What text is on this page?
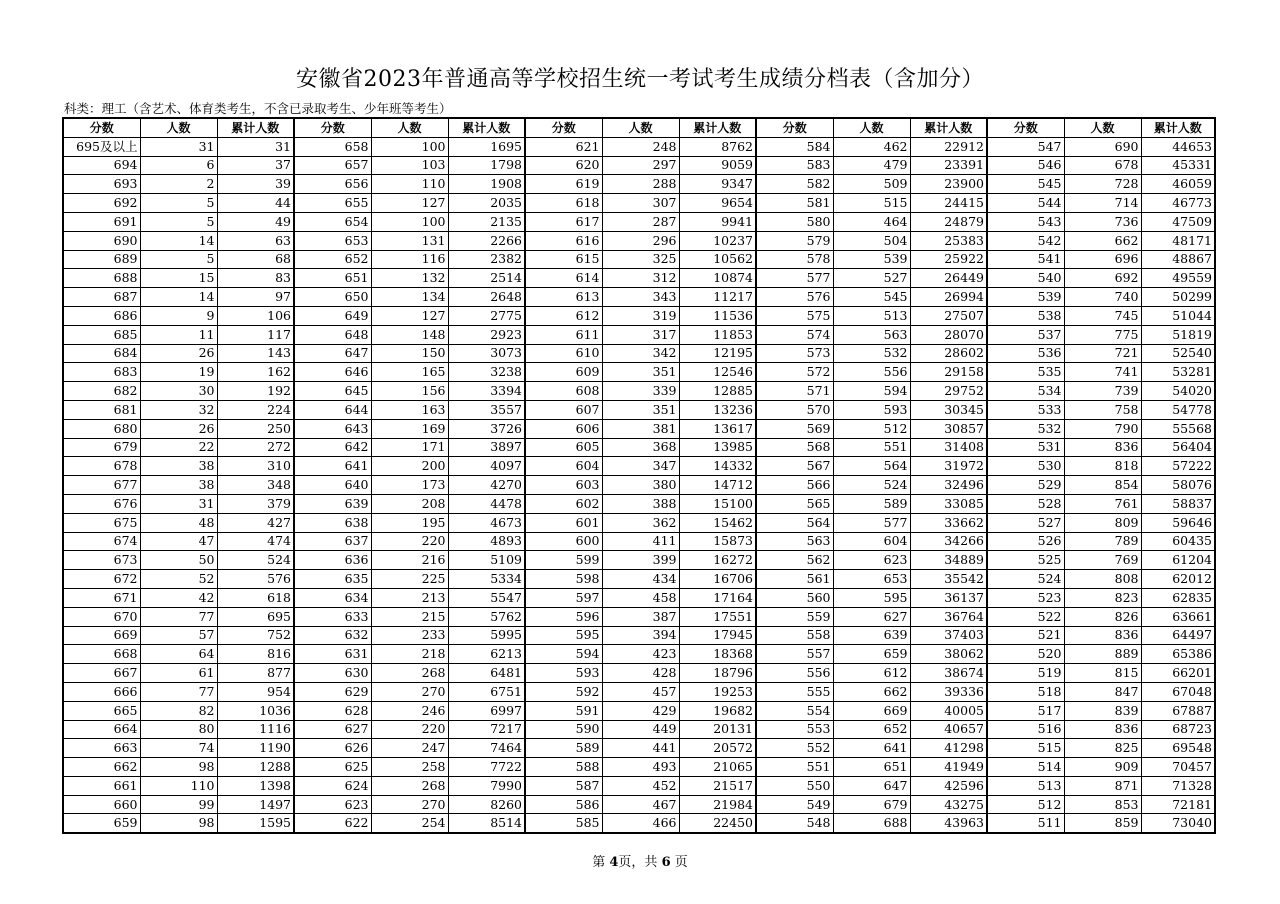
安徽省2023年普通高等学校招生统一考试考生成绩分档表（含加分）
科类：理工（含艺术、体育类考生，不含已录取考生、少年班等考生）
分数	人数	累计人数	分数	人数	累计人数	分数	人数	累计人数	分数	人数	累计人数	分数	人数	累计人数
695及以上	31	31	658	100	1695	621	248	8762	584	462	22912	547	690	44653
694	6	37	657	103	1798	620	297	9059	583	479	23391	546	678	45331
693	2	39	656	110	1908	619	288	9347	582	509	23900	545	728	46059
692	5	44	655	127	2035	618	307	9654	581	515	24415	544	714	46773
691	5	49	654	100	2135	617	287	9941	580	464	24879	543	736	47509
690	14	63	653	131	2266	616	296	10237	579	504	25383	542	662	48171
689	5	68	652	116	2382	615	325	10562	578	539	25922	541	696	48867
688	15	83	651	132	2514	614	312	10874	577	527	26449	540	692	49559
687	14	97	650	134	2648	613	343	11217	576	545	26994	539	740	50299
686	9	106	649	127	2775	612	319	11536	575	513	27507	538	745	51044
685	11	117	648	148	2923	611	317	11853	574	563	28070	537	775	51819
684	26	143	647	150	3073	610	342	12195	573	532	28602	536	721	52540
683	19	162	646	165	3238	609	351	12546	572	556	29158	535	741	53281
682	30	192	645	156	3394	608	339	12885	571	594	29752	534	739	54020
681	32	224	644	163	3557	607	351	13236	570	593	30345	533	758	54778
680	26	250	643	169	3726	606	381	13617	569	512	30857	532	790	55568
679	22	272	642	171	3897	605	368	13985	568	551	31408	531	836	56404
678	38	310	641	200	4097	604	347	14332	567	564	31972	530	818	57222
677	38	348	640	173	4270	603	380	14712	566	524	32496	529	854	58076
676	31	379	639	208	4478	602	388	15100	565	589	33085	528	761	58837
675	48	427	638	195	4673	601	362	15462	564	577	33662	527	809	59646
674	47	474	637	220	4893	600	411	15873	563	604	34266	526	789	60435
673	50	524	636	216	5109	599	399	16272	562	623	34889	525	769	61204
672	52	576	635	225	5334	598	434	16706	561	653	35542	524	808	62012
671	42	618	634	213	5547	597	458	17164	560	595	36137	523	823	62835
670	77	695	633	215	5762	596	387	17551	559	627	36764	522	826	63661
669	57	752	632	233	5995	595	394	17945	558	639	37403	521	836	64497
668	64	816	631	218	6213	594	423	18368	557	659	38062	520	889	65386
667	61	877	630	268	6481	593	428	18796	556	612	38674	519	815	66201
666	77	954	629	270	6751	592	457	19253	555	662	39336	518	847	67048
665	82	1036	628	246	6997	591	429	19682	554	669	40005	517	839	67887
664	80	1116	627	220	7217	590	449	20131	553	652	40657	516	836	68723
663	74	1190	626	247	7464	589	441	20572	552	641	41298	515	825	69548
662	98	1288	625	258	7722	588	493	21065	551	651	41949	514	909	70457
661	110	1398	624	268	7990	587	452	21517	550	647	42596	513	871	71328
660	99	1497	623	270	8260	586	467	21984	549	679	43275	512	853	72181
659	98	1595	622	254	8514	585	466	22450	548	688	43963	511	859	73040
第 4页，共 6 页
